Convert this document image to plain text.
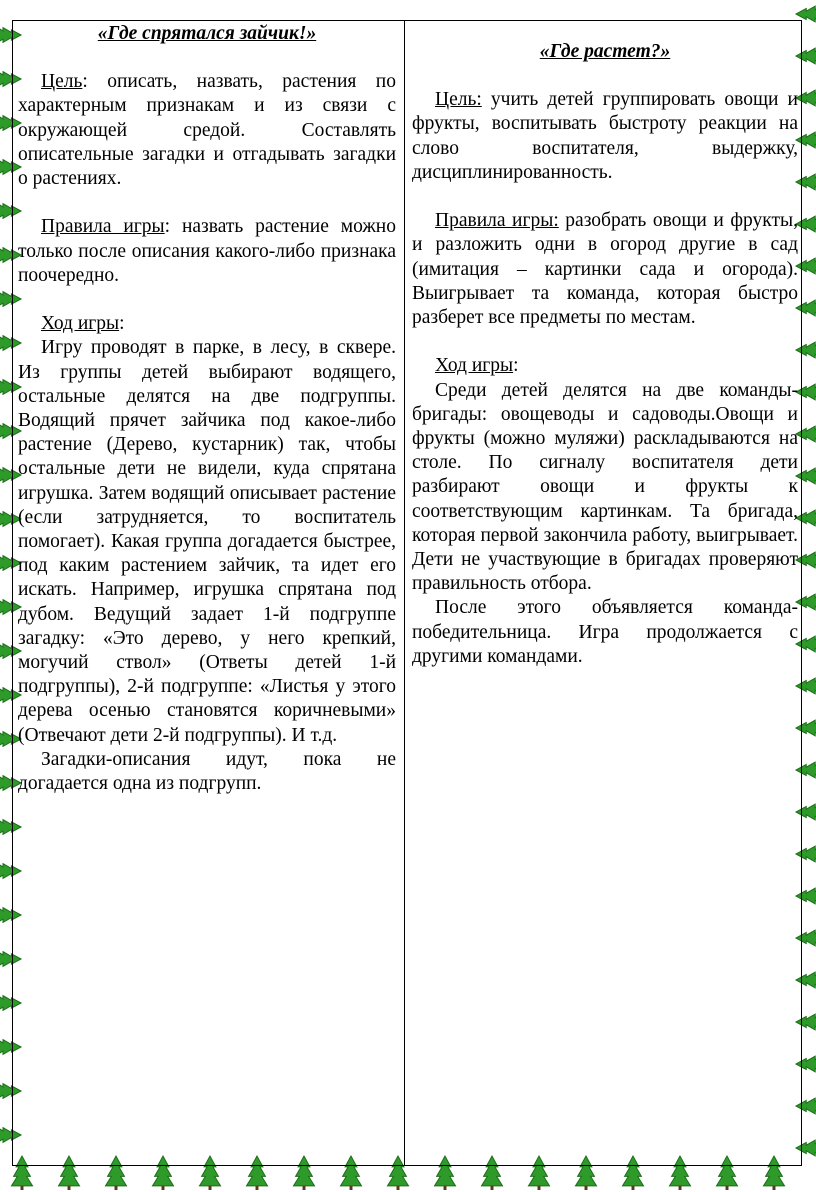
«Где спрятался зайчик!»

Цель: описать, назвать, растения по характерным признакам и из связи с окружающей средой. Составлять описательные загадки и отгадывать загадки о растениях.

Правила игры: назвать растение можно только после описания какого-либо признака поочередно.

Ход игры:

Игру проводят в парке, в лесу, в сквере. Из группы детей выбирают водящего, остальные делятся на две подгруппы. Водящий прячет зайчика под какое-либо растение (Дерево, кустарник) так, чтобы остальные дети не видели, куда спрятана игрушка. Затем водящий описывает растение (если затрудняется, то воспитатель помогает). Какая группа догадается быстрее, под каким растением зайчик, та идет его искать. Например, игрушка спрятана под дубом. Ведущий задает 1-й подгруппе загадку: «Это дерево, у него крепкий, могучий ствол» (Ответы детей 1-й подгруппы), 2-й подгруппе: «Листья у этого дерева осенью становятся коричневыми» (Отвечают дети 2-й подгруппы). И т.д.

Загадки-описания идут, пока не догадается одна из подгрупп.

«Где растет?»

Цель: учить детей группировать овощи и фрукты, воспитывать быстроту реакции на слово воспитателя, выдержку, дисциплинированность.

Правила игры: разобрать овощи и фрукты, и разложить одни в огород другие в сад (имитация – картинки сада и огорода). Выигрывает та команда, которая быстро разберет все предметы по местам.

Ход игры:

Среди детей делятся на две команды-бригады: овощеводы и садоводы.Овощи и фрукты (можно муляжи) раскладываются на столе. По сигналу воспитателя дети разбирают овощи и фрукты к соответствующим картинкам. Та бригада, которая первой закончила работу, выигрывает. Дети не участвующие в бригадах проверяют правильность отбора.

После этого объявляется команда-победительница. Игра продолжается с другими командами.
